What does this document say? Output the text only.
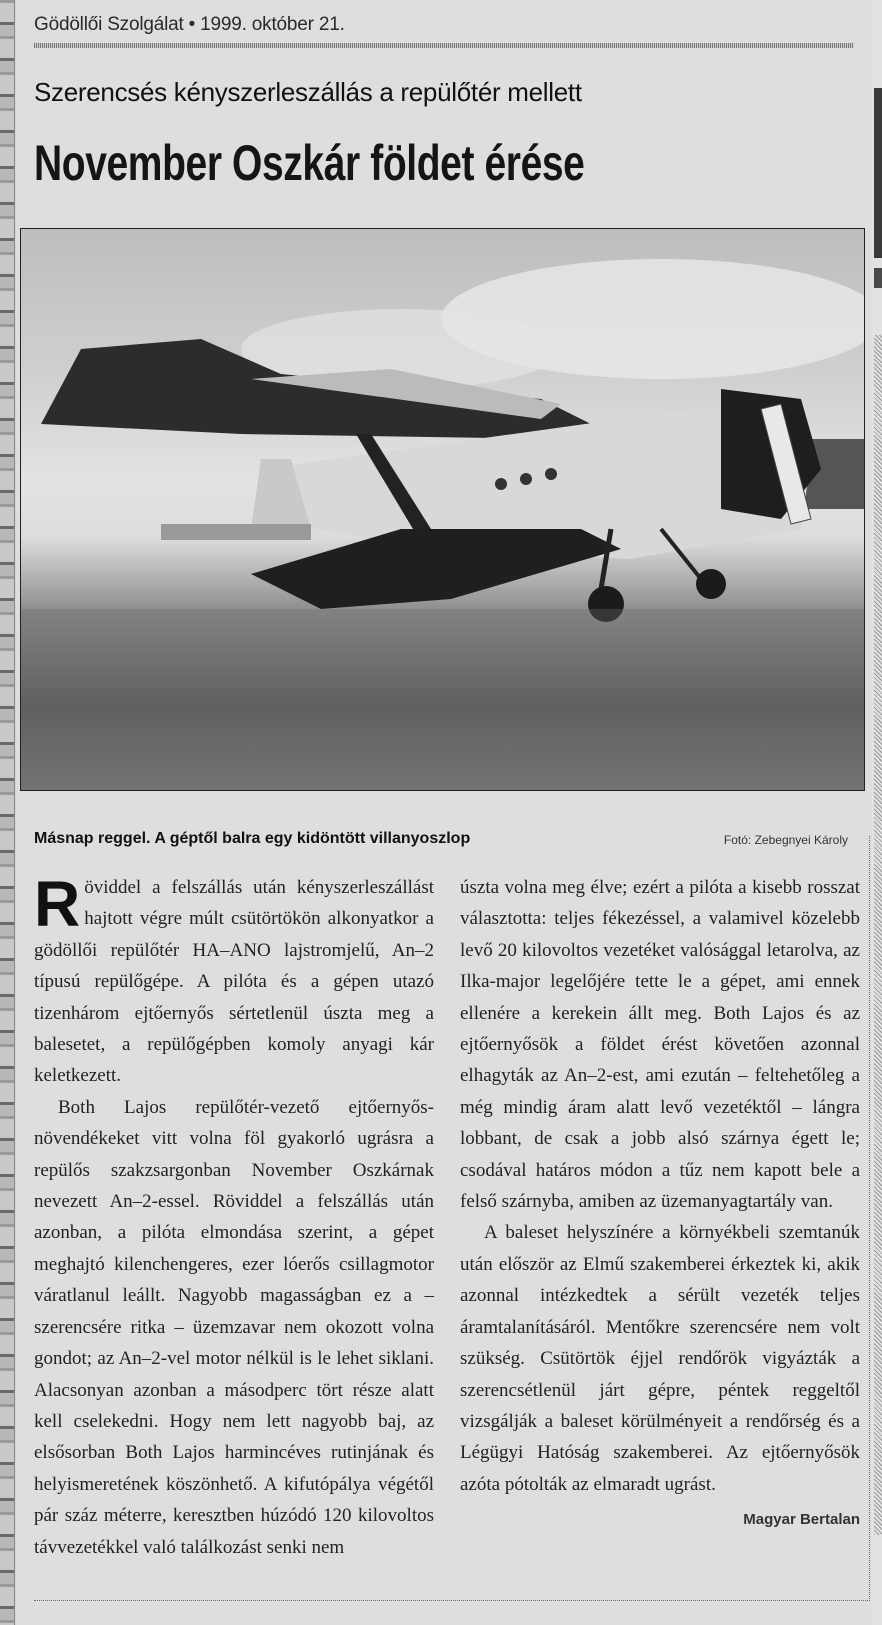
Gödöllői Szolgálat • 1999. október 21.
Szerencsés kényszerleszállás a repülőtér mellett
November Oszkár földet érése
Másnap reggel. A géptől balra egy kidöntött villanyoszlop	Fotó: Zebegnyei Károly

Röviddel a felszállás után kényszerleszállást hajtott végre múlt csütörtökön alkonyatkor a gödöllői repülőtér HA–ANO lajstromjelű, An–2 típusú repülőgépe. A pilóta és a gépen utazó tizenhárom ejtőernyős sértetlenül úszta meg a balesetet, a repülőgépben komoly anyagi kár keletkezett.

Both Lajos repülőtér-vezető ejtőernyős-növendékeket vitt volna föl gyakorló ugrásra a repülős szakzsargonban November Oszkárnak nevezett An–2-essel. Röviddel a felszállás után azonban, a pilóta elmondása szerint, a gépet meghajtó kilenchengeres, ezer lóerős csillagmotor váratlanul leállt. Nagyobb magasságban ez a – szerencsére ritka – üzemzavar nem okozott volna gondot; az An–2-vel motor nélkül is le lehet siklani. Alacsonyan azonban a másodperc tört része alatt kell cselekedni. Hogy nem lett nagyobb baj, az elsősorban Both Lajos harmincéves rutinjának és helyismeretének köszönhető. A kifutópálya végétől pár száz méterre, keresztben húzódó 120 kilovoltos távvezetékkel való találkozást senki nem

úszta volna meg élve; ezért a pilóta a kisebb rosszat választotta: teljes fékezéssel, a valamivel közelebb levő 20 kilovoltos vezetéket valósággal letarolva, az Ilka-major legelőjére tette le a gépet, ami ennek ellenére a kerekein állt meg. Both Lajos és az ejtőernyősök a földet érést követően azonnal elhagyták az An–2-est, ami ezután – feltehetőleg a még mindig áram alatt levő vezetéktől – lángra lobbant, de csak a jobb alsó szárnya égett le; csodával határos módon a tűz nem kapott bele a felső szárnyba, amiben az üzemanyagtartály van.

A baleset helyszínére a környékbeli szemtanúk után először az Elmű szakemberei érkeztek ki, akik azonnal intézkedtek a sérült vezeték teljes áramtalanításáról. Mentőkre szerencsére nem volt szükség. Csütörtök éjjel rendőrök vigyázták a szerencsétlenül járt gépre, péntek reggeltől vizsgálják a baleset körülményeit a rendőrség és a Légügyi Hatóság szakemberei. Az ejtőernyősök azóta pótolták az elmaradt ugrást.

Magyar Bertalan
